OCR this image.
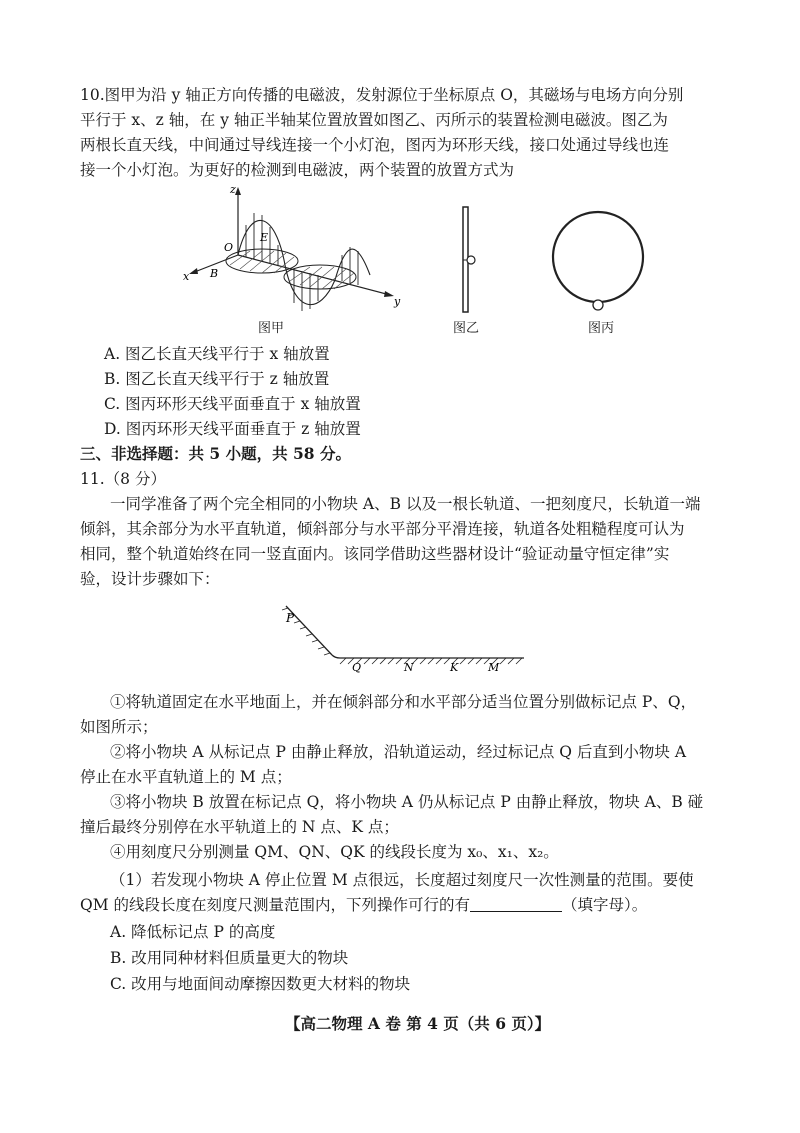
10.图甲为沿 y 轴正方向传播的电磁波，发射源位于坐标原点 O，其磁场与电场方向分别
平行于 x、z 轴，在 y 轴正半轴某位置放置如图乙、丙所示的装置检测电磁波。图乙为
两根长直天线，中间通过导线连接一个小灯泡，图丙为环形天线，接口处通过导线也连
接一个小灯泡。为更好的检测到电磁波，两个装置的放置方式为
z
x
y
O
E
B
图甲	图乙	图丙
A. 图乙长直天线平行于 x 轴放置
B. 图乙长直天线平行于 z 轴放置
C. 图丙环形天线平面垂直于 x 轴放置
D. 图丙环形天线平面垂直于 z 轴放置
三、非选择题：共 5 小题，共 58 分。
11.（8 分）
一同学准备了两个完全相同的小物块 A、B 以及一根长轨道、一把刻度尺，长轨道一端
倾斜，其余部分为水平直轨道，倾斜部分与水平部分平滑连接，轨道各处粗糙程度可认为
相同，整个轨道始终在同一竖直面内。该同学借助这些器材设计“验证动量守恒定律”实
验，设计步骤如下：
P
Q	N	K	M
①将轨道固定在水平地面上，并在倾斜部分和水平部分适当位置分别做标记点 P、Q，
如图所示；
②将小物块 A 从标记点 P 由静止释放，沿轨道运动，经过标记点 Q 后直到小物块 A
停止在水平直轨道上的 M 点；
③将小物块 B 放置在标记点 Q，将小物块 A 仍从标记点 P 由静止释放，物块 A、B 碰
撞后最终分别停在水平轨道上的 N 点、K 点；
④用刻度尺分别测量 QM、QN、QK 的线段长度为 x₀、x₁、x₂。
（1）若发现小物块 A 停止位置 M 点很远，长度超过刻度尺一次性测量的范围。要使
QM 的线段长度在刻度尺测量范围内，下列操作可行的有	（填字母）。
A. 降低标记点 P 的高度
B. 改用同种材料但质量更大的物块
C. 改用与地面间动摩擦因数更大材料的物块
【高二物理 A 卷 第 4 页（共 6 页）】
